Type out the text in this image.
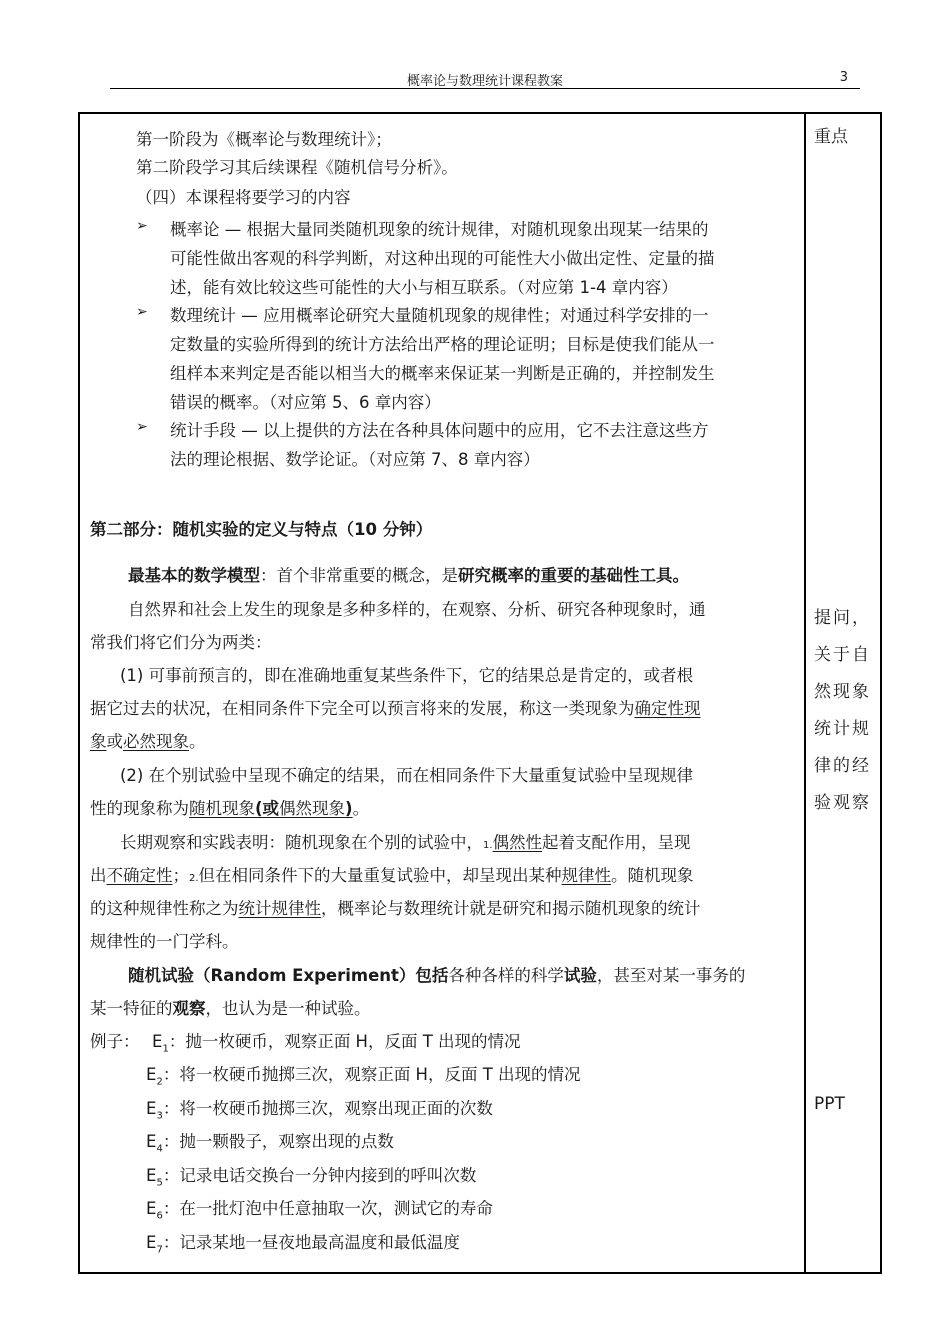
概率论与数理统计课程教案	3
重点
提问，关于自然现象统计规律的经验观察
PPT
第一阶段为《概率论与数理统计》；
第二阶段学习其后续课程《随机信号分析》。
（四）本课程将要学习的内容
➢ 概率论 — 根据大量同类随机现象的统计规律，对随机现象出现某一结果的
可能性做出客观的科学判断，对这种出现的可能性大小做出定性、定量的描
述，能有效比较这些可能性的大小与相互联系。（对应第 1-4 章内容）
➢ 数理统计 — 应用概率论研究大量随机现象的规律性；对通过科学安排的一
定数量的实验所得到的统计方法给出严格的理论证明；目标是使我们能从一
组样本来判定是否能以相当大的概率来保证某一判断是正确的，并控制发生
错误的概率。（对应第 5、6 章内容）
➢ 统计手段 — 以上提供的方法在各种具体问题中的应用，它不去注意这些方
法的理论根据、数学论证。（对应第 7、8 章内容）
第二部分：随机实验的定义与特点（10 分钟）
最基本的数学模型：首个非常重要的概念，是研究概率的重要的基础性工具。
自然界和社会上发生的现象是多种多样的，在观察、分析、研究各种现象时，通
常我们将它们分为两类：
(1) 可事前预言的，即在准确地重复某些条件下，它的结果总是肯定的，或者根
据它过去的状况，在相同条件下完全可以预言将来的发展，称这一类现象为确定性现
象或必然现象。
(2) 在个别试验中呈现不确定的结果，而在相同条件下大量重复试验中呈现规律
性的现象称为随机现象(或偶然现象)。
长期观察和实践表明：随机现象在个别的试验中，1.偶然性起着支配作用，呈现
出不确定性；2.但在相同条件下的大量重复试验中，却呈现出某种规律性。随机现象
的这种规律性称之为统计规律性，概率论与数理统计就是研究和揭示随机现象的统计
规律性的一门学科。
随机试验（Random Experiment）包括各种各样的科学试验，甚至对某一事务的
某一特征的观察，也认为是一种试验。
例子： $E_1$：抛一枚硬币，观察正面 H，反面 T 出现的情况
$E_2$：将一枚硬币抛掷三次，观察正面 H，反面 T 出现的情况
$E_3$：将一枚硬币抛掷三次，观察出现正面的次数
$E_4$：抛一颗骰子，观察出现的点数
$E_5$：记录电话交换台一分钟内接到的呼叫次数
$E_6$：在一批灯泡中任意抽取一次，测试它的寿命
$E_7$：记录某地一昼夜地最高温度和最低温度
